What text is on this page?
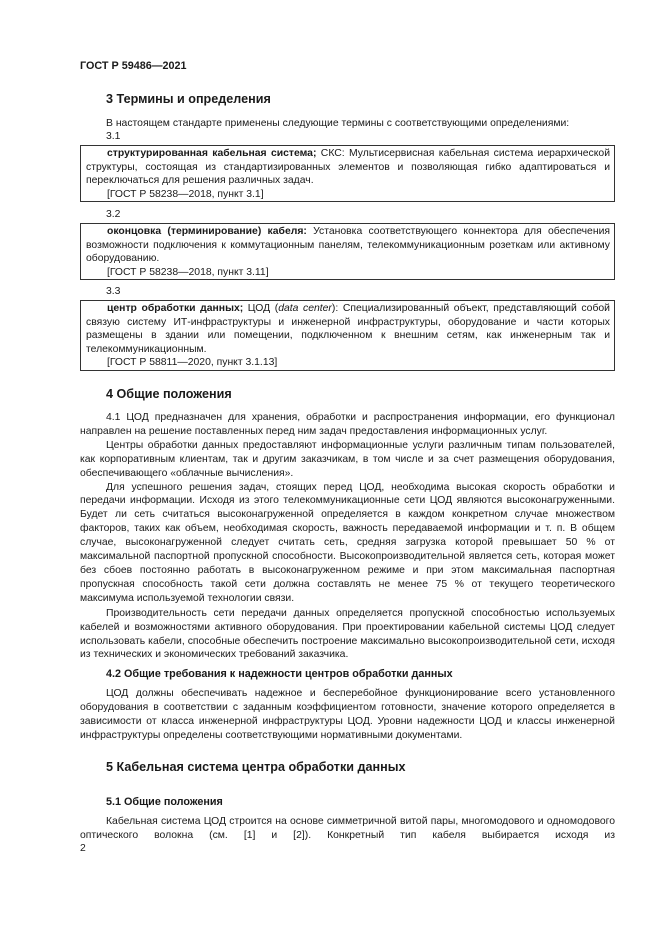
ГОСТ Р 59486—2021
3 Термины и определения
В настоящем стандарте применены следующие термины с соответствующими определениями:
3.1
структурированная кабельная система; СКС: Мультисервисная кабельная система иерархической структуры, состоящая из стандартизированных элементов и позволяющая гибко адаптироваться и переключаться для решения различных задач.
[ГОСТ Р 58238—2018, пункт 3.1]
3.2
оконцовка (терминирование) кабеля: Установка соответствующего коннектора для обеспечения возможности подключения к коммутационным панелям, телекоммуникационным розеткам или активному оборудованию.
[ГОСТ Р 58238—2018, пункт 3.11]
3.3
центр обработки данных; ЦОД (data center): Специализированный объект, представляющий собой связую систему ИТ-инфраструктуры и инженерной инфраструктуры, оборудование и части которых размещены в здании или помещении, подключенном к внешним сетям, как инженерным так и телекоммуникационным.
[ГОСТ Р 58811—2020, пункт 3.1.13]
4 Общие положения
4.1 ЦОД предназначен для хранения, обработки и распространения информации, его функционал направлен на решение поставленных перед ним задач предоставления информационных услуг.
Центры обработки данных предоставляют информационные услуги различным типам пользователей, как корпоративным клиентам, так и другим заказчикам, в том числе и за счет размещения оборудования, обеспечивающего «облачные вычисления».
Для успешного решения задач, стоящих перед ЦОД, необходима высокая скорость обработки и передачи информации. Исходя из этого телекоммуникационные сети ЦОД являются высоконагруженными. Будет ли сеть считаться высоконагруженной определяется в каждом конкретном случае множеством факторов, таких как объем, необходимая скорость, важность передаваемой информации и т. п. В общем случае, высоконагруженной следует считать сеть, средняя загрузка которой превышает 50 % от максимальной паспортной пропускной способности. Высокопроизводительной является сеть, которая может без сбоев постоянно работать в высоконагруженном режиме и при этом максимальная паспортная пропускная способность такой сети должна составлять не менее 75 % от текущего теоретического максимума используемой технологии связи.
Производительность сети передачи данных определяется пропускной способностью используемых кабелей и возможностями активного оборудования. При проектировании кабельной системы ЦОД следует использовать кабели, способные обеспечить построение максимально высокопроизводительной сети, исходя из технических и экономических требований заказчика.
4.2 Общие требования к надежности центров обработки данных
ЦОД должны обеспечивать надежное и бесперебойное функционирование всего установленного оборудования в соответствии с заданным коэффициентом готовности, значение которого определяется в зависимости от класса инженерной инфраструктуры ЦОД. Уровни надежности ЦОД и классы инженерной инфраструктуры определены соответствующими нормативными документами.
5 Кабельная система центра обработки данных
5.1 Общие положения
Кабельная система ЦОД строится на основе симметричной витой пары, многомодового и одномодового оптического волокна (см. [1] и [2]). Конкретный тип кабеля выбирается исходя из
2
